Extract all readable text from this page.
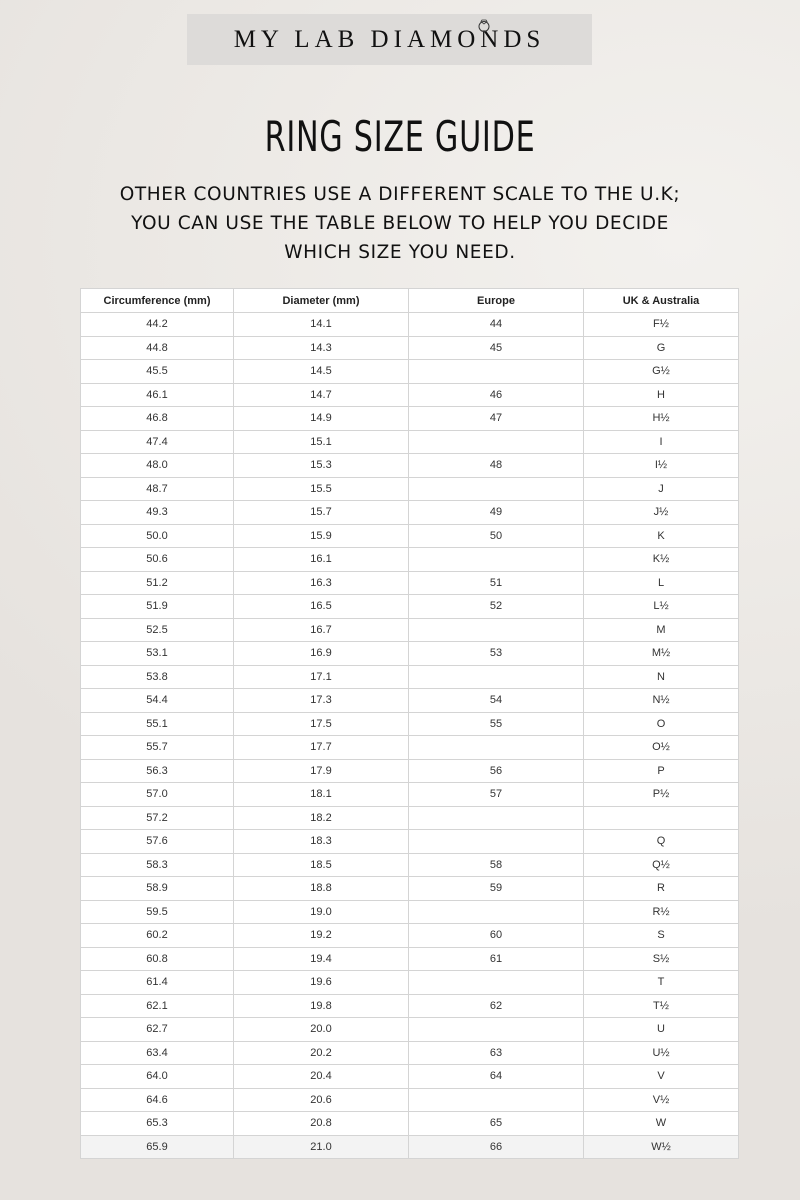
MY LAB DIAMONDS
RING SIZE GUIDE
OTHER COUNTRIES USE A DIFFERENT SCALE TO THE U.K; YOU CAN USE THE TABLE BELOW TO HELP YOU DECIDE WHICH SIZE YOU NEED.
Circumference (mm)	Diameter (mm)	Europe	UK & Australia
44.2	14.1	44	F½
44.8	14.3	45	G
45.5	14.5		G½
46.1	14.7	46	H
46.8	14.9	47	H½
47.4	15.1		I
48.0	15.3	48	I½
48.7	15.5		J
49.3	15.7	49	J½
50.0	15.9	50	K
50.6	16.1		K½
51.2	16.3	51	L
51.9	16.5	52	L½
52.5	16.7		M
53.1	16.9	53	M½
53.8	17.1		N
54.4	17.3	54	N½
55.1	17.5	55	O
55.7	17.7		O½
56.3	17.9	56	P
57.0	18.1	57	P½
57.2	18.2		
57.6	18.3		Q
58.3	18.5	58	Q½
58.9	18.8	59	R
59.5	19.0		R½
60.2	19.2	60	S
60.8	19.4	61	S½
61.4	19.6		T
62.1	19.8	62	T½
62.7	20.0		U
63.4	20.2	63	U½
64.0	20.4	64	V
64.6	20.6		V½
65.3	20.8	65	W
65.9	21.0	66	W½
